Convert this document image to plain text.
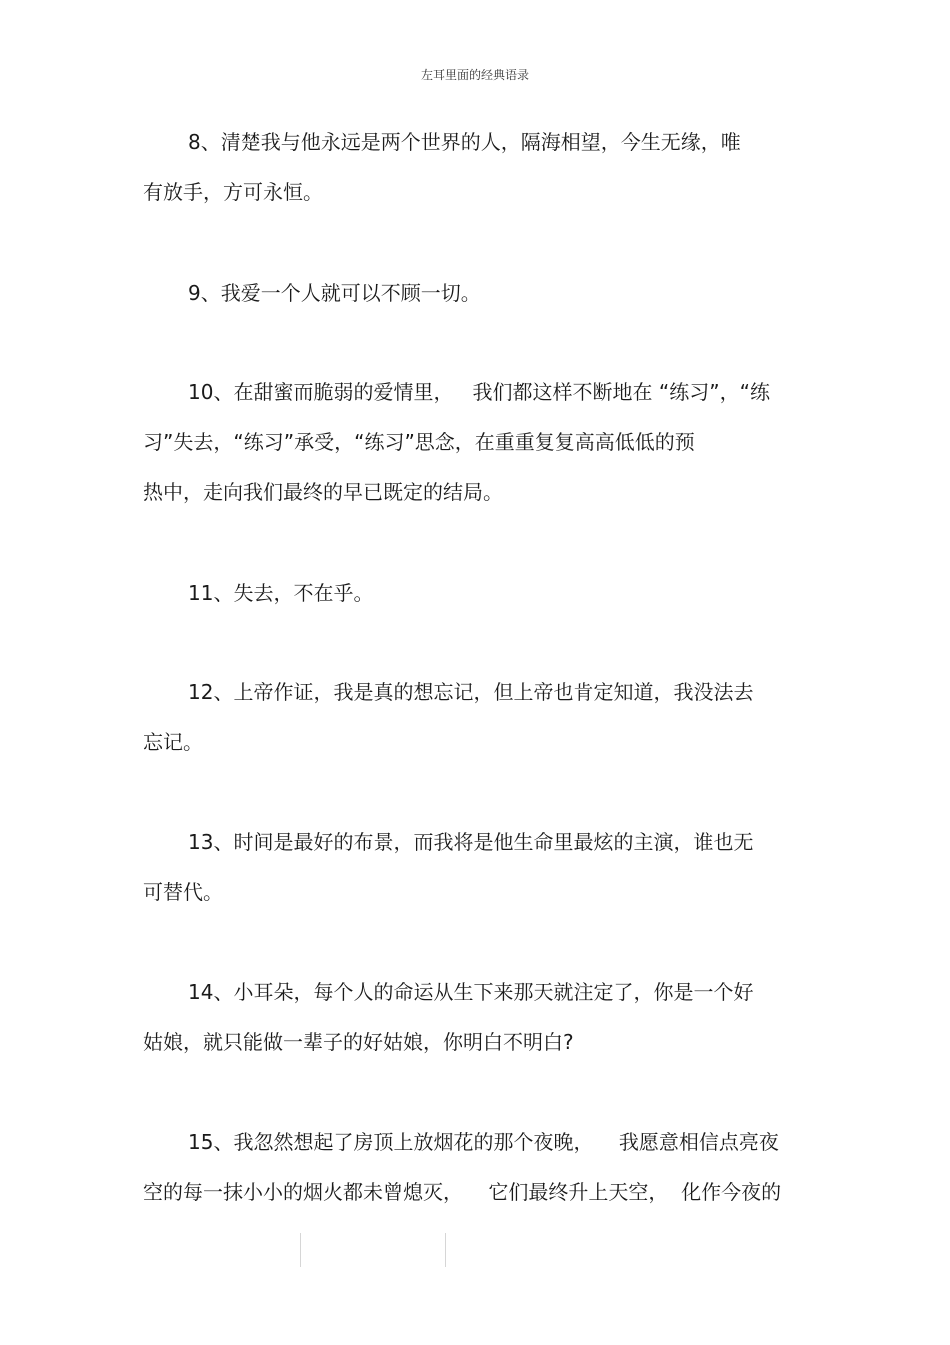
左耳里面的经典语录

8、清楚我与他永远是两个世界的人，隔海相望，今生无缘，唯

有放手，方可永恒。

9、我爱一个人就可以不顾一切。

10、在甜蜜而脆弱的爱情里，   我们都这样不断地在 “练习”，“练

习”失去，“练习”承受，“练习”思念，在重重复复高高低低的预

热中，走向我们最终的早已既定的结局。

11、失去，不在乎。

12、上帝作证，我是真的想忘记，但上帝也肯定知道，我没法去

忘记。

13、时间是最好的布景，而我将是他生命里最炫的主演，谁也无

可替代。

14、小耳朵，每个人的命运从生下来那天就注定了，你是一个好

姑娘，就只能做一辈子的好姑娘，你明白不明白?

15、我忽然想起了房顶上放烟花的那个夜晚，    我愿意相信点亮夜

空的每一抹小小的烟火都未曾熄灭，    它们最终升上天空，  化作今夜的
